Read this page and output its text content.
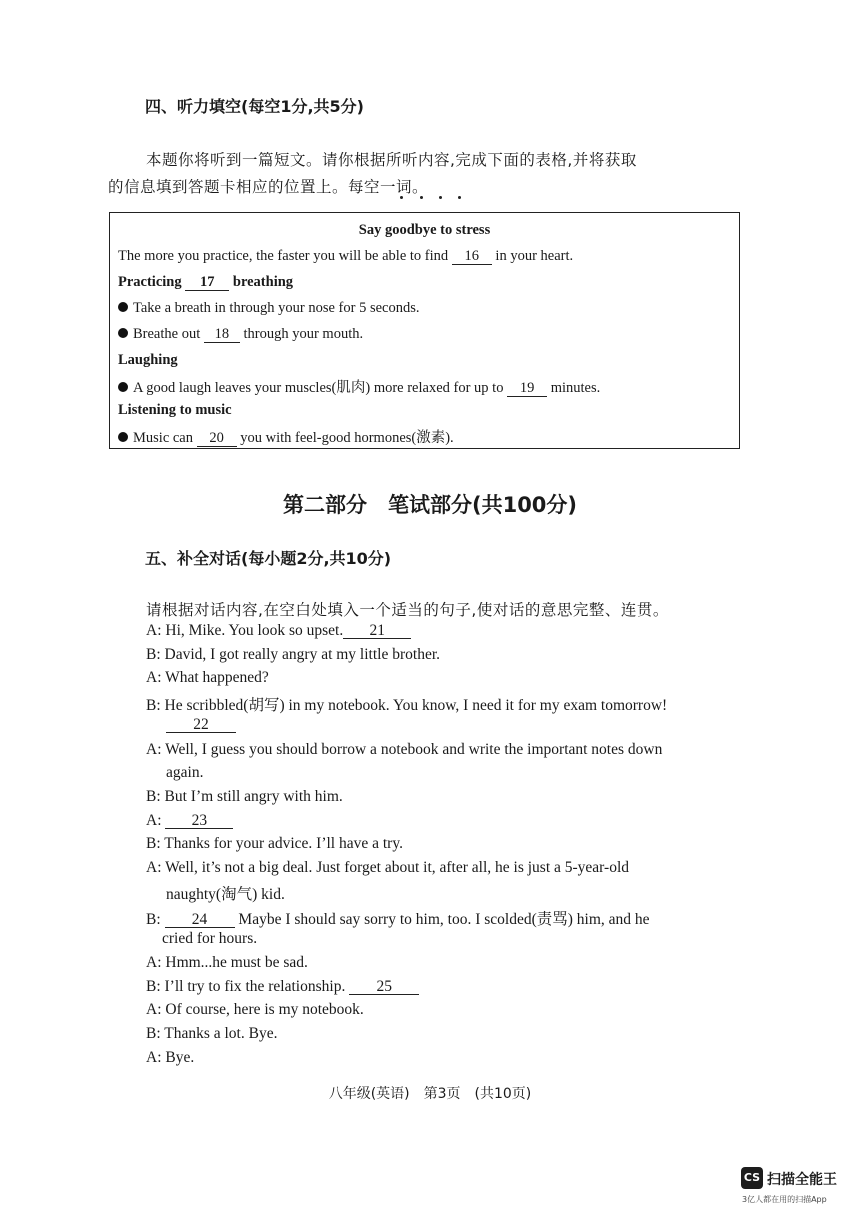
四、听力填空(每空1分,共5分)
本题你将听到一篇短文。请你根据所听内容,完成下面的表格,并将获取
的信息填到答题卡相应的位置上。每空一词。
Say goodbye to stress
The more you practice, the faster you will be able to find 16 in your heart.
Practicing 17 breathing
Take a breath in through your nose for 5 seconds.
Breathe out 18 through your mouth.
Laughing
A good laugh leaves your muscles(肌肉) more relaxed for up to 19 minutes.
Listening to music
Music can 20 you with feel-good hormones(激素).
第二部分　笔试部分(共100分)
五、补全对话(每小题2分,共10分)
请根据对话内容,在空白处填入一个适当的句子,使对话的意思完整、连贯。
A: Hi, Mike. You look so upset. 21
B: David, I got really angry at my little brother.
A: What happened?
B: He scribbled(胡写) in my notebook. You know, I need it for my exam tomorrow!
22
A: Well, I guess you should borrow a notebook and write the important notes down
again.
B: But I’m still angry with him.
A: 23
B: Thanks for your advice. I’ll have a try.
A: Well, it’s not a big deal. Just forget about it, after all, he is just a 5-year-old
naughty(淘气) kid.
B: 24 Maybe I should say sorry to him, too. I scolded(责骂) him, and he
cried for hours.
A: Hmm...he must be sad.
B: I’ll try to fix the relationship. 25
A: Of course, here is my notebook.
B: Thanks a lot. Bye.
A: Bye.
八年级(英语)　第3页　(共10页)
CS 扫描全能王
3亿人都在用的扫描App
